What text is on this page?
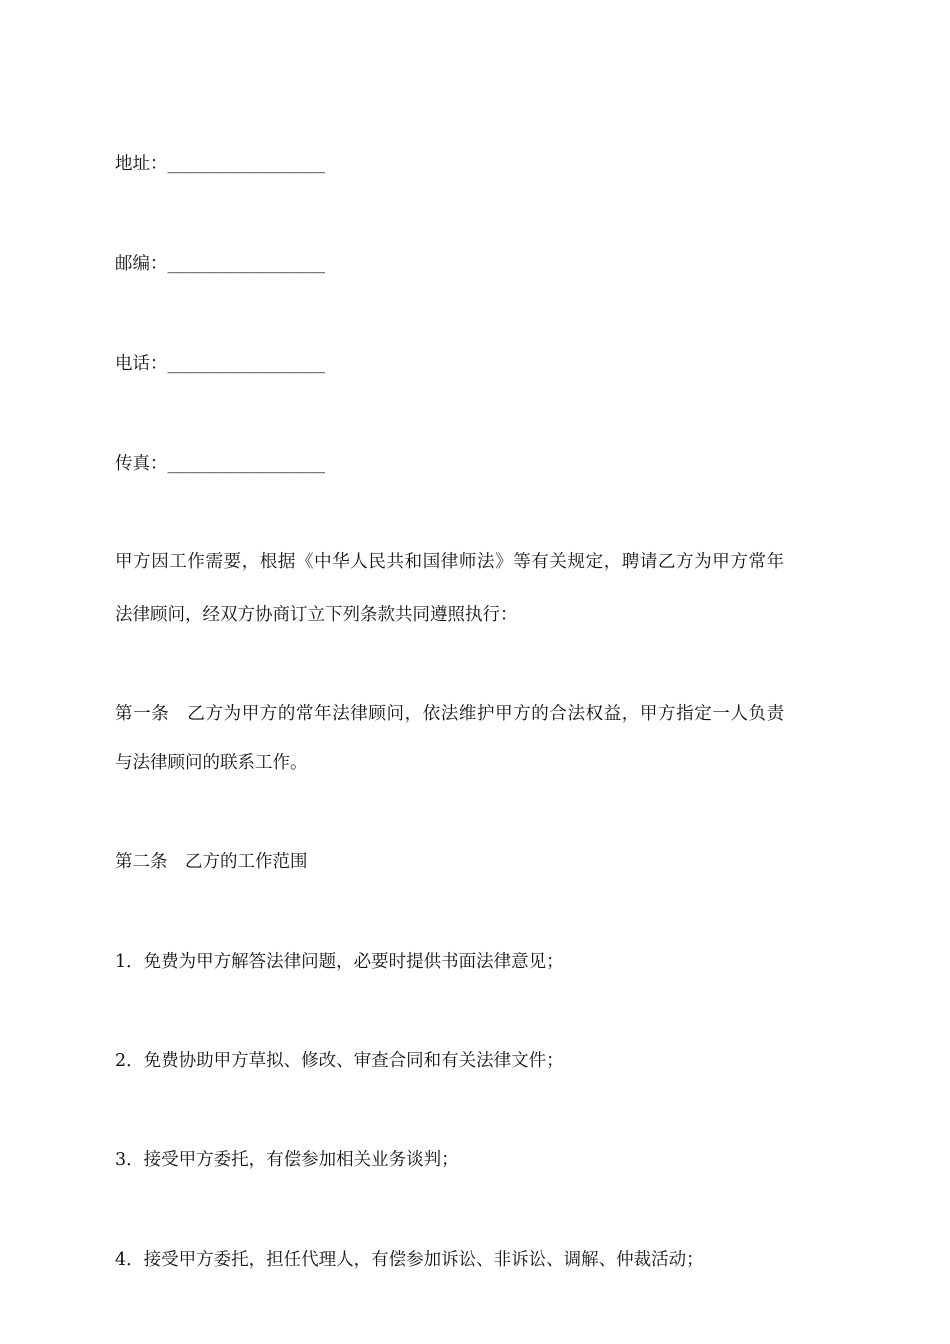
地址：__________________
邮编：__________________
电话：__________________
传真：__________________
甲方因工作需要，根据《中华人民共和国律师法》等有关规定，聘请乙方为甲方常年
法律顾问，经双方协商订立下列条款共同遵照执行：
第一条　乙方为甲方的常年法律顾问，依法维护甲方的合法权益，甲方指定一人负责
与法律顾问的联系工作。
第二条　乙方的工作范围
1．免费为甲方解答法律问题，必要时提供书面法律意见；
2．免费协助甲方草拟、修改、审查合同和有关法律文件；
3．接受甲方委托，有偿参加相关业务谈判；
4．接受甲方委托，担任代理人，有偿参加诉讼、非诉讼、调解、仲裁活动；
